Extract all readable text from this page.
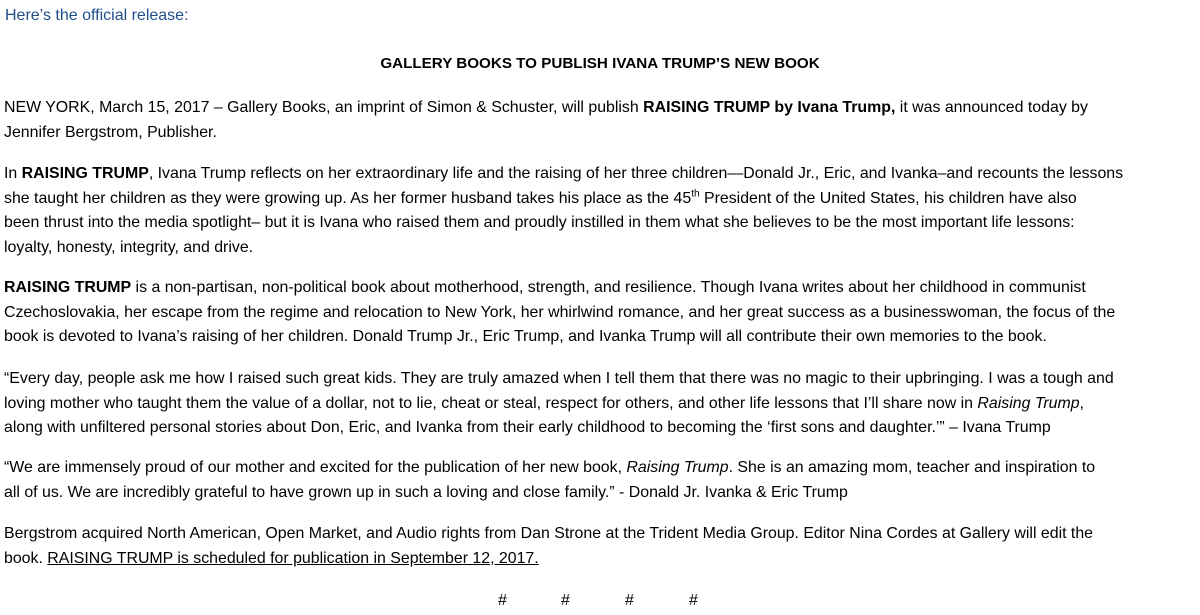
Here’s the official release:

GALLERY BOOKS TO PUBLISH IVANA TRUMP’S NEW BOOK

NEW YORK, March 15, 2017 – Gallery Books, an imprint of Simon & Schuster, will publish RAISING TRUMP by Ivana Trump, it was announced today by
Jennifer Bergstrom, Publisher.
In RAISING TRUMP, Ivana Trump reflects on her extraordinary life and the raising of her three children—Donald Jr., Eric, and Ivanka–and recounts the lessons
she taught her children as they were growing up. As her former husband takes his place as the 45th President of the United States, his children have also
been thrust into the media spotlight– but it is Ivana who raised them and proudly instilled in them what she believes to be the most important life lessons:
loyalty, honesty, integrity, and drive.
RAISING TRUMP is a non-partisan, non-political book about motherhood, strength, and resilience. Though Ivana writes about her childhood in communist
Czechoslovakia, her escape from the regime and relocation to New York, her whirlwind romance, and her great success as a businesswoman, the focus of the
book is devoted to Ivana’s raising of her children. Donald Trump Jr., Eric Trump, and Ivanka Trump will all contribute their own memories to the book.
“Every day, people ask me how I raised such great kids. They are truly amazed when I tell them that there was no magic to their upbringing. I was a tough and
loving mother who taught them the value of a dollar, not to lie, cheat or steal, respect for others, and other life lessons that I’ll share now in Raising Trump,
along with unfiltered personal stories about Don, Eric, and Ivanka from their early childhood to becoming the ‘first sons and daughter.’” – Ivana Trump
“We are immensely proud of our mother and excited for the publication of her new book, Raising Trump. She is an amazing mom, teacher and inspiration to
all of us. We are incredibly grateful to have grown up in such a loving and close family.” - Donald Jr. Ivanka & Eric Trump
Bergstrom acquired North American, Open Market, and Audio rights from Dan Strone at the Trident Media Group. Editor Nina Cordes at Gallery will edit the
book. RAISING TRUMP is scheduled for publication in September 12, 2017.
#	#	#	#
